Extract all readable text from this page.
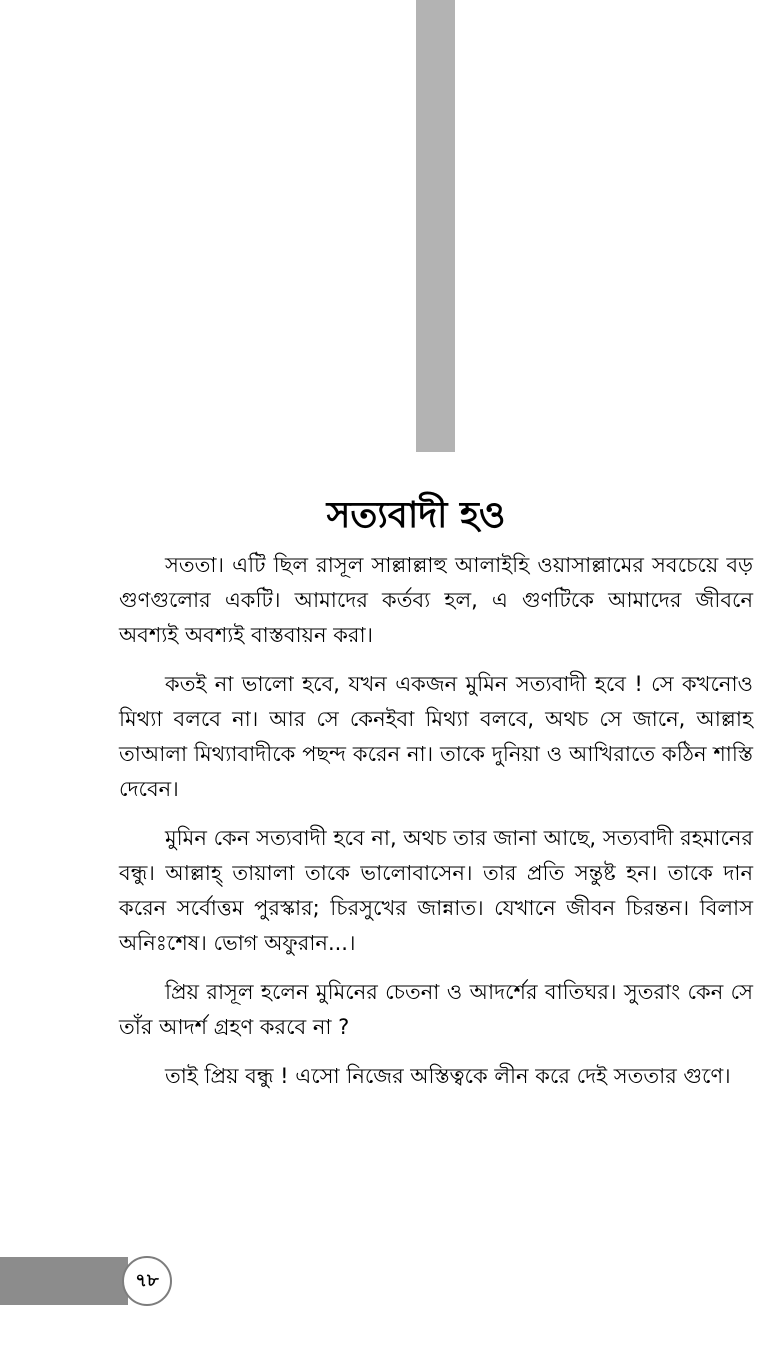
সত্যবাদী হও

সততা। এটি ছিল রাসূল সাল্লাল্লাহু আলাইহি ওয়াসাল্লামের সবচেয়ে বড় গুণগুলোর একটি। আমাদের কর্তব্য হল, এ গুণটিকে আমাদের জীবনে অবশ্যই অবশ্যই বাস্তবায়ন করা।

কতই না ভালো হবে, যখন একজন মুমিন সত্যবাদী হবে ! সে কখনোও মিথ্যা বলবে না। আর সে কেনইবা মিথ্যা বলবে, অথচ সে জানে, আল্লাহ তাআলা মিথ্যাবাদীকে পছন্দ করেন না। তাকে দুনিয়া ও আখিরাতে কঠিন শাস্তি দেবেন।

মুমিন কেন সত্যবাদী হবে না, অথচ তার জানা আছে, সত্যবাদী রহমানের বন্ধু। আল্লাহ্ তায়ালা তাকে ভালোবাসেন। তার প্রতি সন্তুষ্ট হন। তাকে দান করেন সর্বোত্তম পুরস্কার; চিরসুখের জান্নাত। যেখানে জীবন চিরন্তন। বিলাস অনিঃশেষ। ভোগ অফুরান...।

প্রিয় রাসূল হলেন মুমিনের চেতনা ও আদর্শের বাতিঘর। সুতরাং কেন সে তাঁর আদর্শ গ্রহণ করবে না ?

তাই প্রিয় বন্ধু ! এসো নিজের অস্তিত্বকে লীন করে দেই সততার গুণে।

৭৮
